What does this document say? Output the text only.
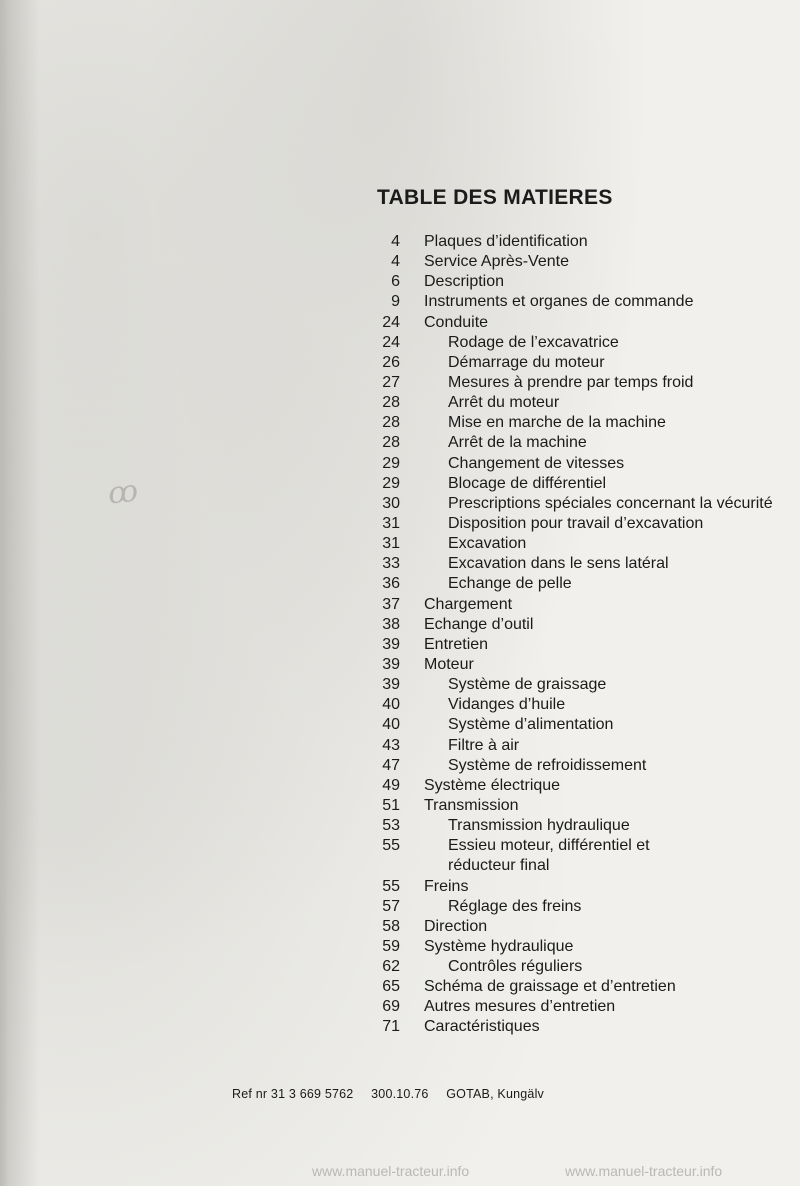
ꝏ
TABLE DES MATIERES
4 Plaques d’identification
4 Service Après-Vente
6 Description
9 Instruments et organes de commande
24 Conduite
24	Rodage de l’excavatrice
26	Démarrage du moteur
27	Mesures à prendre par temps froid
28	Arrêt du moteur
28	Mise en marche de la machine
28	Arrêt de la machine
29	Changement de vitesses
29	Blocage de différentiel
30	Prescriptions spéciales concernant la vécurité
31	Disposition pour travail d’excavation
31	Excavation
33	Excavation dans le sens latéral
36	Echange de pelle
37 Chargement
38 Echange d’outil
39 Entretien
39 Moteur
39	Système de graissage
40	Vidanges d’huile
40	Système d’alimentation
43	Filtre à air
47	Système de refroidissement
49 Système électrique
51 Transmission
53	Transmission hydraulique
55	Essieu moteur, différentiel et
réducteur final
55 Freins
57	Réglage des freins
58 Direction
59 Système hydraulique
62	Contrôles réguliers
65 Schéma de graissage et d’entretien
69 Autres mesures d’entretien
71 Caractéristiques
Ref nr 31 3 669 5762 300.10.76 GOTAB, Kungälv
www.manuel-tracteur.info	www.manuel-tracteur.info
